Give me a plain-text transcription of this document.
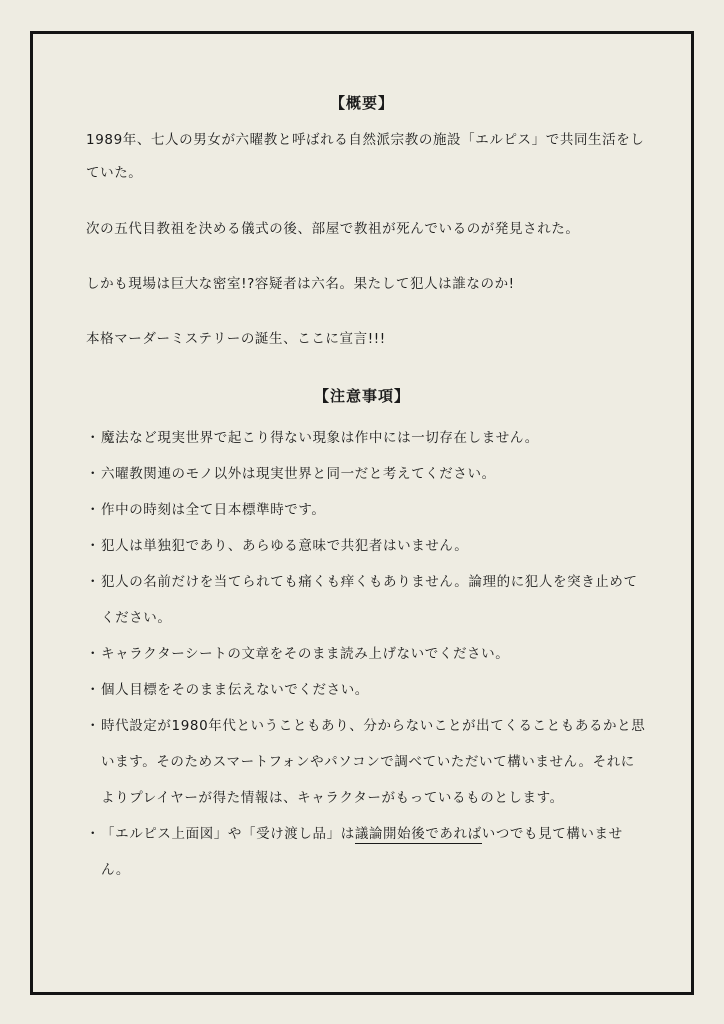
【概要】

1989年、七人の男女が六曜教と呼ばれる自然派宗教の施設「エルピス」で共同生活をしていた。

次の五代目教祖を決める儀式の後、部屋で教祖が死んでいるのが発見された。

しかも現場は巨大な密室!?容疑者は六名。果たして犯人は誰なのか!

本格マーダーミステリーの誕生、ここに宣言!!!

【注意事項】
・ 魔法など現実世界で起こり得ない現象は作中には一切存在しません。
・ 六曜教関連のモノ以外は現実世界と同一だと考えてください。
・ 作中の時刻は全て日本標準時です。
・ 犯人は単独犯であり、あらゆる意味で共犯者はいません。
・ 犯人の名前だけを当てられても痛くも痒くもありません。論理的に犯人を突き止めてください。
・ キャラクターシートの文章をそのまま読み上げないでください。
・ 個人目標をそのまま伝えないでください。
・ 時代設定が1980年代ということもあり、分からないことが出てくることもあるかと思います。そのためスマートフォンやパソコンで調べていただいて構いません。それによりプレイヤーが得た情報は、キャラクターがもっているものとします。
・ 「エルピス上面図」や「受け渡し品」は議論開始後であればいつでも見て構いません。
